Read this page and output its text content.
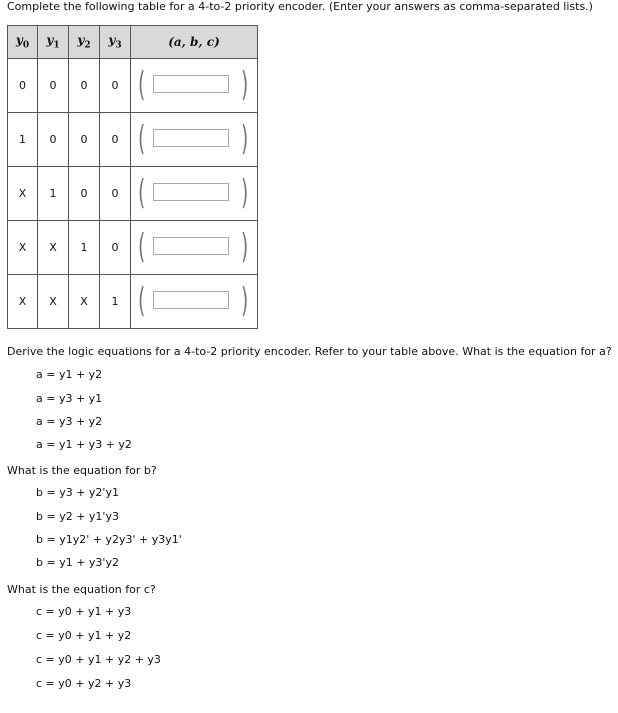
Complete the following table for a 4-to-2 priority encoder. (Enter your answers as comma-separated lists.)
$y_0$	$y_1$	$y_2$	$y_3$	(a, b, c)
0	0	0	0	( )

1	0	0	0	( )

X	1	0	0	( )

X	X	1	0	( )

X	X	X	1	( )
Derive the logic equations for a 4-to-2 priority encoder. Refer to your table above. What is the equation for a?
a = y1 + y2
a = y3 + y1
a = y3 + y2
a = y1 + y3 + y2
What is the equation for b?
b = y3 + y2'y1
b = y2 + y1'y3
b = y1y2' + y2y3' + y3y1'
b = y1 + y3'y2
What is the equation for c?
c = y0 + y1 + y3
c = y0 + y1 + y2
c = y0 + y1 + y2 + y3
c = y0 + y2 + y3
